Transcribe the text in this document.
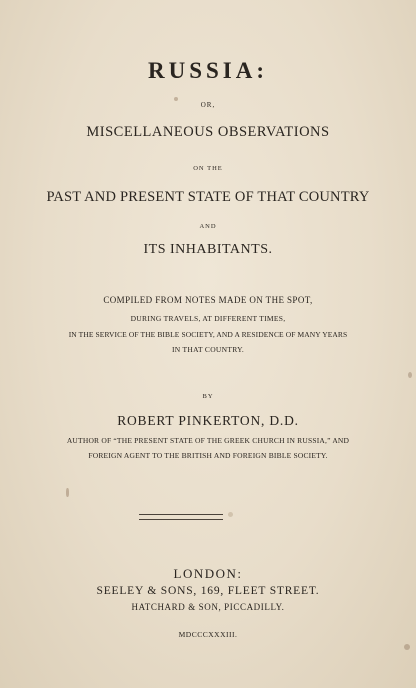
RUSSIA:
OR,
MISCELLANEOUS OBSERVATIONS
ON THE
PAST AND PRESENT STATE OF THAT COUNTRY
AND
ITS INHABITANTS.
COMPILED FROM NOTES MADE ON THE SPOT,
DURING TRAVELS, AT DIFFERENT TIMES,
IN THE SERVICE OF THE BIBLE SOCIETY, AND A RESIDENCE OF MANY YEARS
IN THAT COUNTRY.
BY
ROBERT PINKERTON, D.D.
AUTHOR OF “THE PRESENT STATE OF THE GREEK CHURCH IN RUSSIA,” AND
FOREIGN AGENT TO THE BRITISH AND FOREIGN BIBLE SOCIETY.
LONDON:
SEELEY & SONS, 169, FLEET STREET.
HATCHARD & SON, PICCADILLY.
MDCCCXXXIII.
